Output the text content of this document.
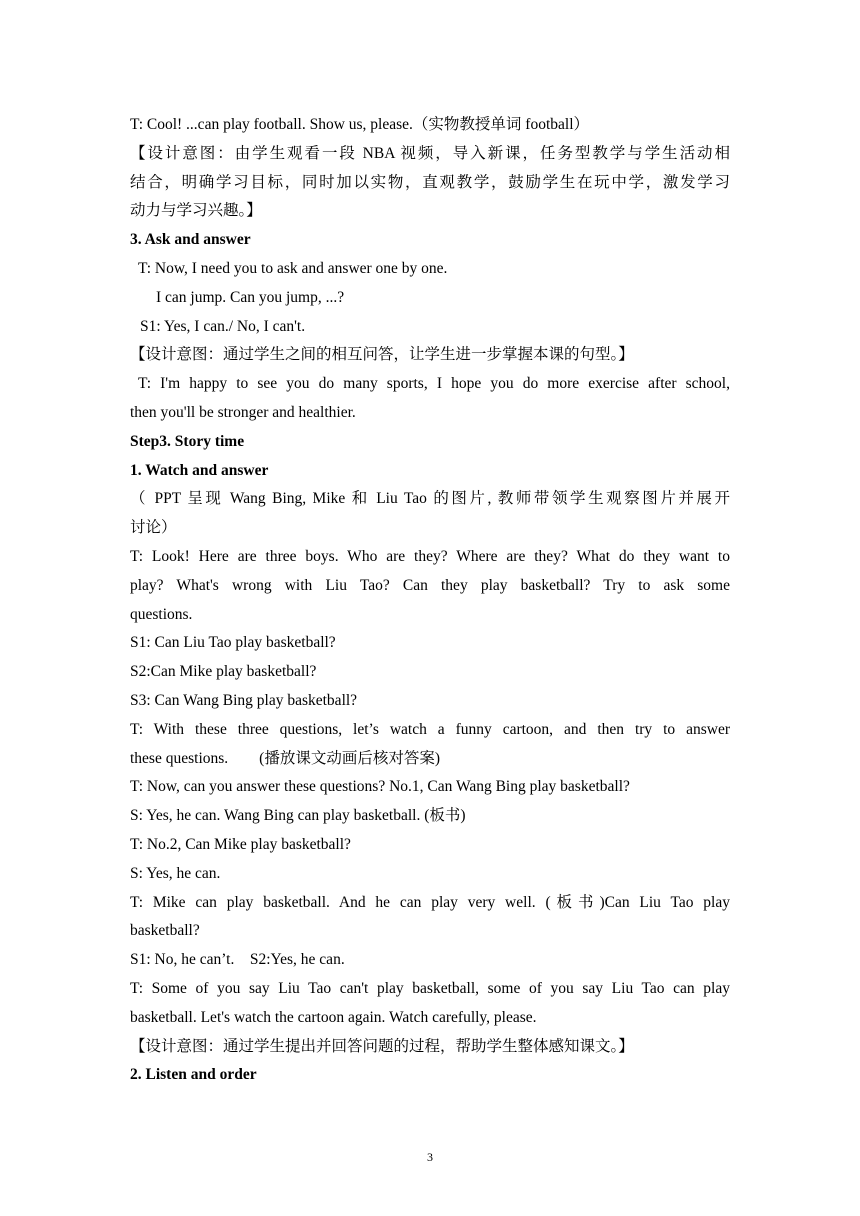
T: Cool! ...can play football. Show us, please.（实物教授单词 football）
【设计意图：由学生观看一段 NBA 视频，导入新课，任务型教学与学生活动相
结合，明确学习目标，同时加以实物，直观教学，鼓励学生在玩中学，激发学习
动力与学习兴趣。】
3. Ask and answer
T: Now, I need you to ask and answer one by one.
I can jump. Can you jump, ...?
S1: Yes, I can./ No, I can't.
【设计意图：通过学生之间的相互问答，让学生进一步掌握本课的句型。】
T: I'm happy to see you do many sports, I hope you do more exercise after school,
then you'll be stronger and healthier.
Step3. Story time
1. Watch and answer
（ PPT 呈现 Wang Bing, Mike 和 Liu Tao 的图片, 教师带领学生观察图片并展开
讨论）
T: Look! Here are three boys. Who are they? Where are they? What do they want to
play? What's wrong with Liu Tao? Can they play basketball? Try to ask some
questions.
S1: Can Liu Tao play basketball?
S2:Can Mike play basketball?
S3: Can Wang Bing play basketball?
T: With these three questions, let’s watch a funny cartoon, and then try to answer
these questions.        (播放课文动画后核对答案)
T: Now, can you answer these questions? No.1, Can Wang Bing play basketball?
S: Yes, he can. Wang Bing can play basketball. (板书)
T: No.2, Can Mike play basketball?
S: Yes, he can.
T: Mike can play basketball. And he can play very well. (板书)Can Liu Tao play
basketball?
S1: No, he can’t.    S2:Yes, he can.
T: Some of you say Liu Tao can't play basketball, some of you say Liu Tao can play
basketball. Let's watch the cartoon again. Watch carefully, please.
【设计意图：通过学生提出并回答问题的过程，帮助学生整体感知课文。】
2. Listen and order
3
